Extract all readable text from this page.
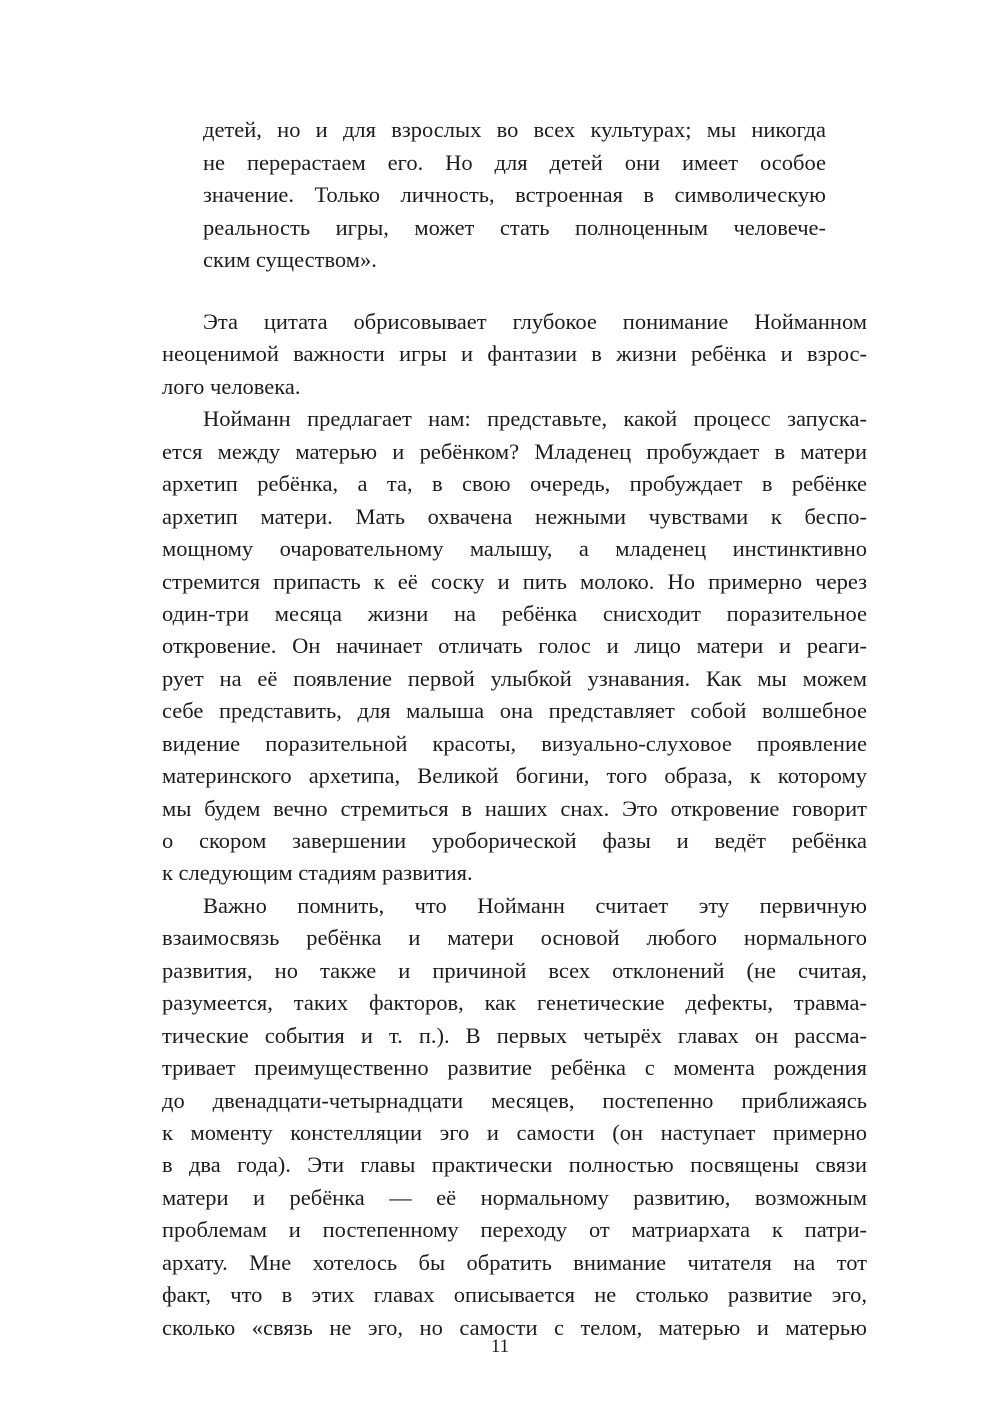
детей, но и для взрослых во всех культурах; мы никогда
не перерастаем его. Но для детей они имеет особое
значение. Только личность, встроенная в символическую
реальность игры, может стать полноценным человече-
ским существом».
Эта цитата обрисовывает глубокое понимание Нойманном
неоценимой важности игры и фантазии в жизни ребёнка и взрос-
лого человека.
Нойманн предлагает нам: представьте, какой процесс запуска-
ется между матерью и ребёнком? Младенец пробуждает в матери
архетип ребёнка, а та, в свою очередь, пробуждает в ребёнке
архетип матери. Мать охвачена нежными чувствами к беспо-
мощному очаровательному малышу, а младенец инстинктивно
стремится припасть к её соску и пить молоко. Но примерно через
один-три месяца жизни на ребёнка снисходит поразительное
откровение. Он начинает отличать голос и лицо матери и реаги-
рует на её появление первой улыбкой узнавания. Как мы можем
себе представить, для малыша она представляет собой волшебное
видение поразительной красоты, визуально-слуховое проявление
материнского архетипа, Великой богини, того образа, к которому
мы будем вечно стремиться в наших снах. Это откровение говорит
о скором завершении уроборической фазы и ведёт ребёнка
к следующим стадиям развития.
Важно помнить, что Нойманн считает эту первичную
взаимосвязь ребёнка и матери основой любого нормального
развития, но также и причиной всех отклонений (не считая,
разумеется, таких факторов, как генетические дефекты, травма-
тические события и т. п.). В первых четырёх главах он рассма-
тривает преимущественно развитие ребёнка с момента рождения
до двенадцати-четырнадцати месяцев, постепенно приближаясь
к моменту констелляции эго и самости (он наступает примерно
в два года). Эти главы практически полностью посвящены связи
матери и ребёнка — её нормальному развитию, возможным
проблемам и постепенному переходу от матриархата к патри-
архату. Мне хотелось бы обратить внимание читателя на тот
факт, что в этих главах описывается не столько развитие эго,
сколько «связь не эго, но самости с телом, матерью и матерью
11
